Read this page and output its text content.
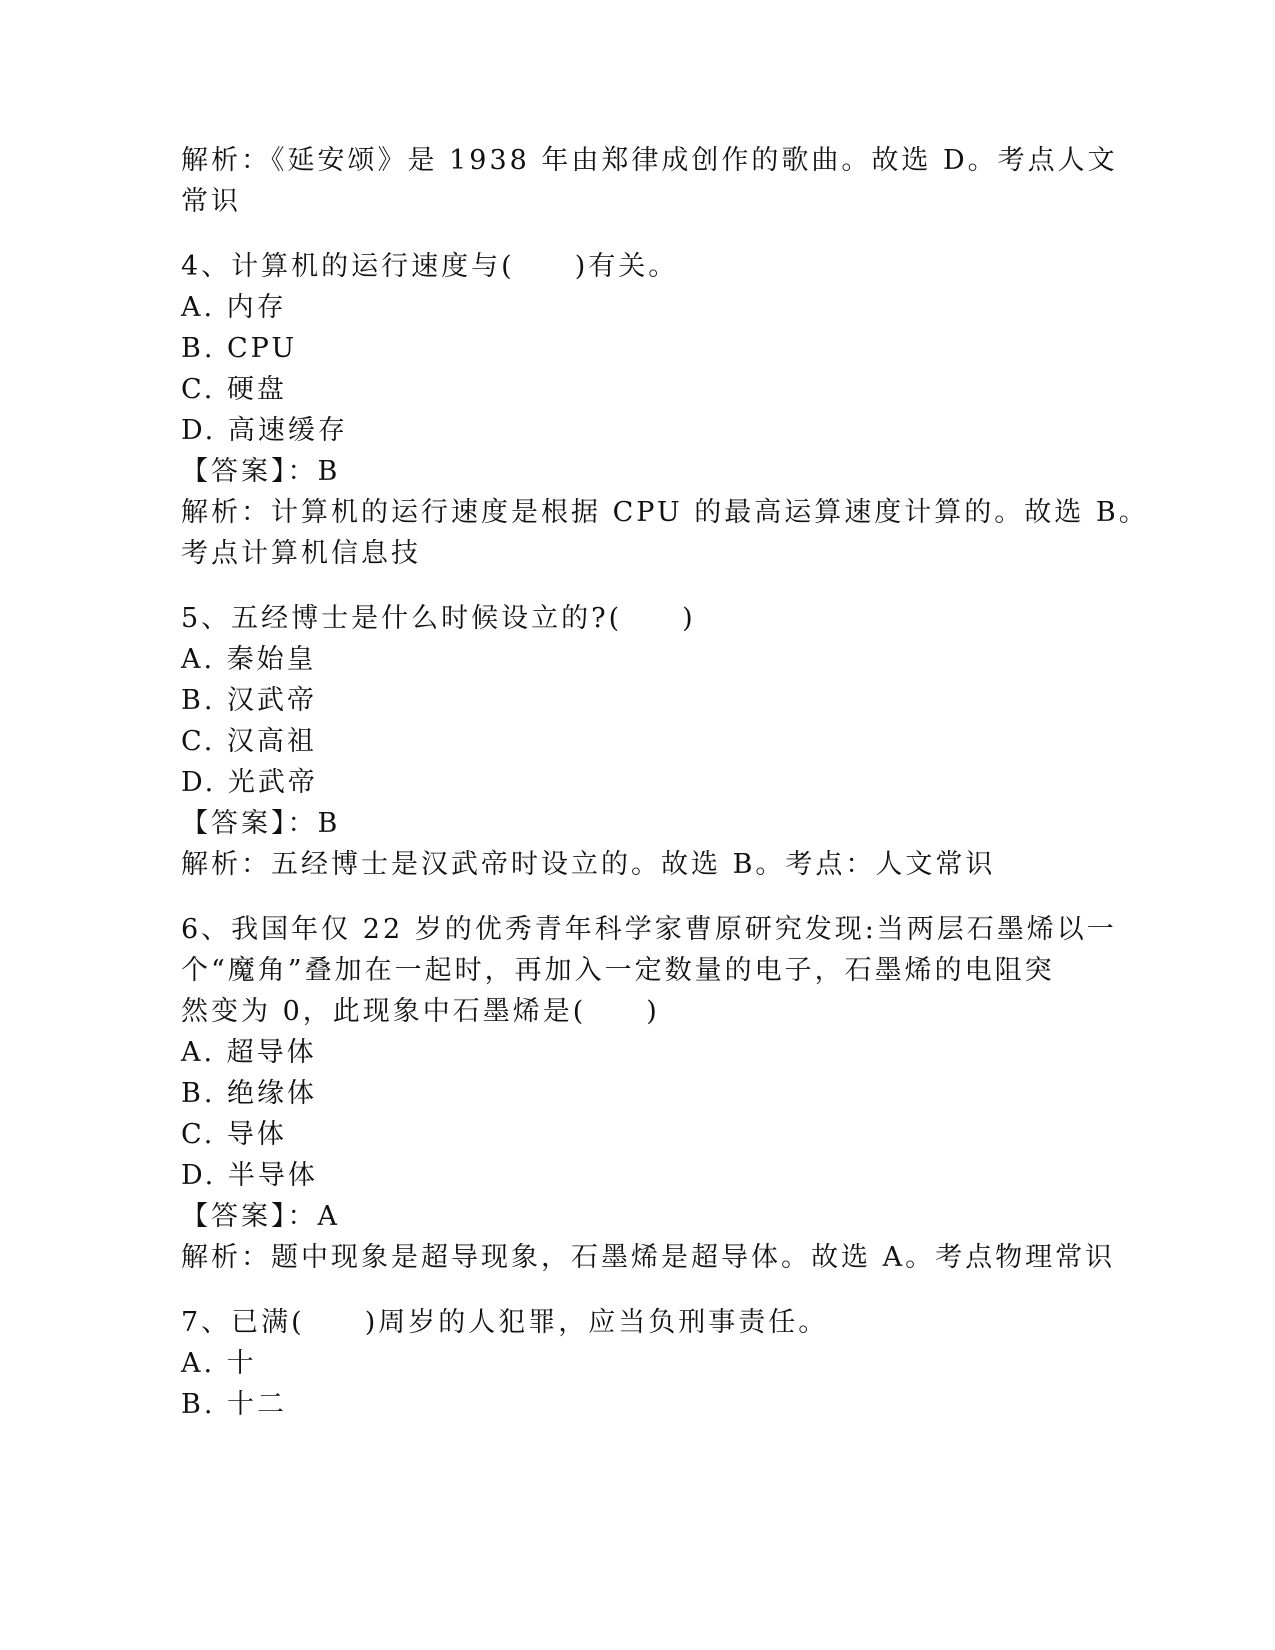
解析：《延安颂》是 1938 年由郑律成创作的歌曲。故选 D。考点人文
常识
4、计算机的运行速度与(　　)有关。
A. 内存
B. CPU
C. 硬盘
D. 高速缓存
【答案】：B
解析：计算机的运行速度是根据 CPU 的最高运算速度计算的。故选 B。
考点计算机信息技
5、五经博士是什么时候设立的?(　　)
A. 秦始皇
B. 汉武帝
C. 汉高祖
D. 光武帝
【答案】：B
解析：五经博士是汉武帝时设立的。故选 B。考点：人文常识
6、我国年仅 22 岁的优秀青年科学家曹原研究发现:当两层石墨烯以一
个“魔角”叠加在一起时，再加入一定数量的电子，石墨烯的电阻突
然变为 0，此现象中石墨烯是(　　)
A. 超导体
B. 绝缘体
C. 导体
D. 半导体
【答案】：A
解析：题中现象是超导现象，石墨烯是超导体。故选 A。考点物理常识
7、已满(　　)周岁的人犯罪，应当负刑事责任。
A. 十
B. 十二
